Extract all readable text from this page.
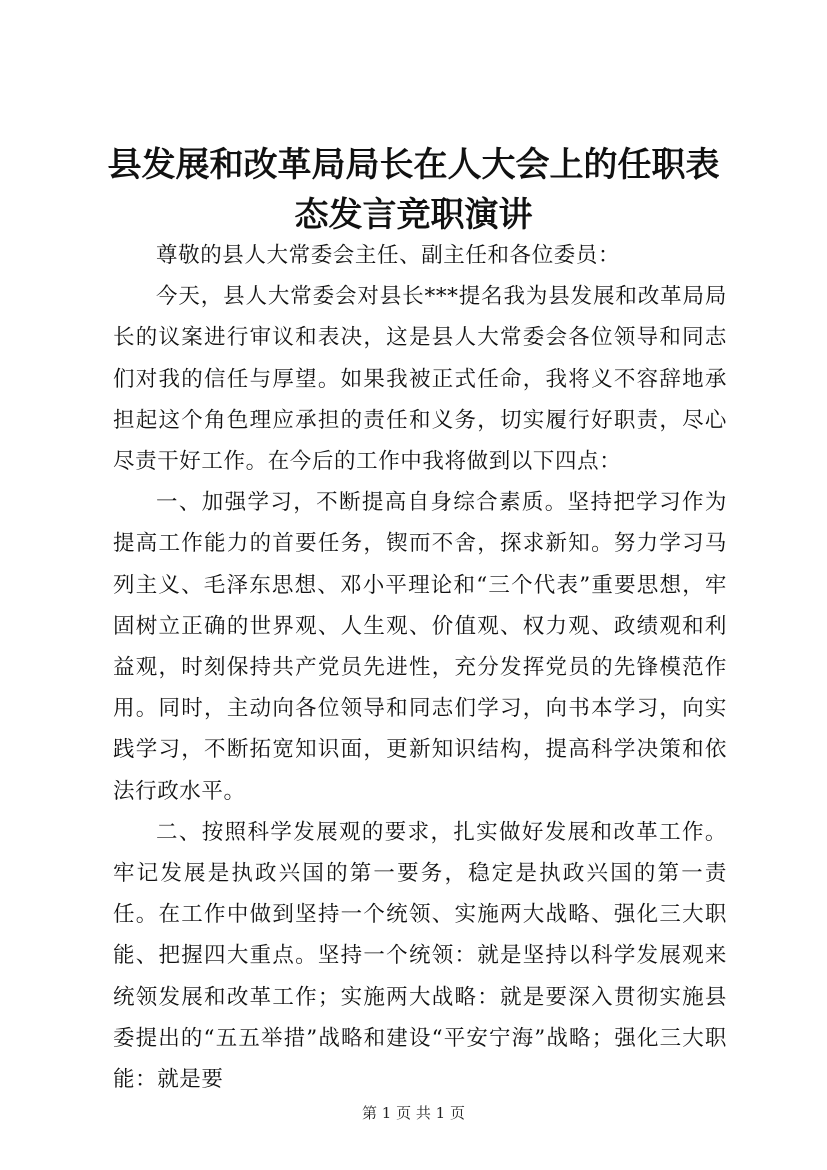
县发展和改革局局长在人大会上的任职表态发言竞职演讲

尊敬的县人大常委会主任、副主任和各位委员：

今天，县人大常委会对县长***提名我为县发展和改革局局长的议案进行审议和表决，这是县人大常委会各位领导和同志们对我的信任与厚望。如果我被正式任命，我将义不容辞地承担起这个角色理应承担的责任和义务，切实履行好职责，尽心尽责干好工作。在今后的工作中我将做到以下四点：

一、加强学习，不断提高自身综合素质。坚持把学习作为提高工作能力的首要任务，锲而不舍，探求新知。努力学习马列主义、毛泽东思想、邓小平理论和“三个代表”重要思想，牢固树立正确的世界观、人生观、价值观、权力观、政绩观和利益观，时刻保持共产党员先进性，充分发挥党员的先锋模范作用。同时，主动向各位领导和同志们学习，向书本学习，向实践学习，不断拓宽知识面，更新知识结构，提高科学决策和依法行政水平。

二、按照科学发展观的要求，扎实做好发展和改革工作。牢记发展是执政兴国的第一要务，稳定是执政兴国的第一责任。在工作中做到坚持一个统领、实施两大战略、强化三大职能、把握四大重点。坚持一个统领：就是坚持以科学发展观来统领发展和改革工作；实施两大战略：就是要深入贯彻实施县委提出的“五五举措”战略和建设“平安宁海”战略；强化三大职能：就是要

第 1 页 共 1 页
